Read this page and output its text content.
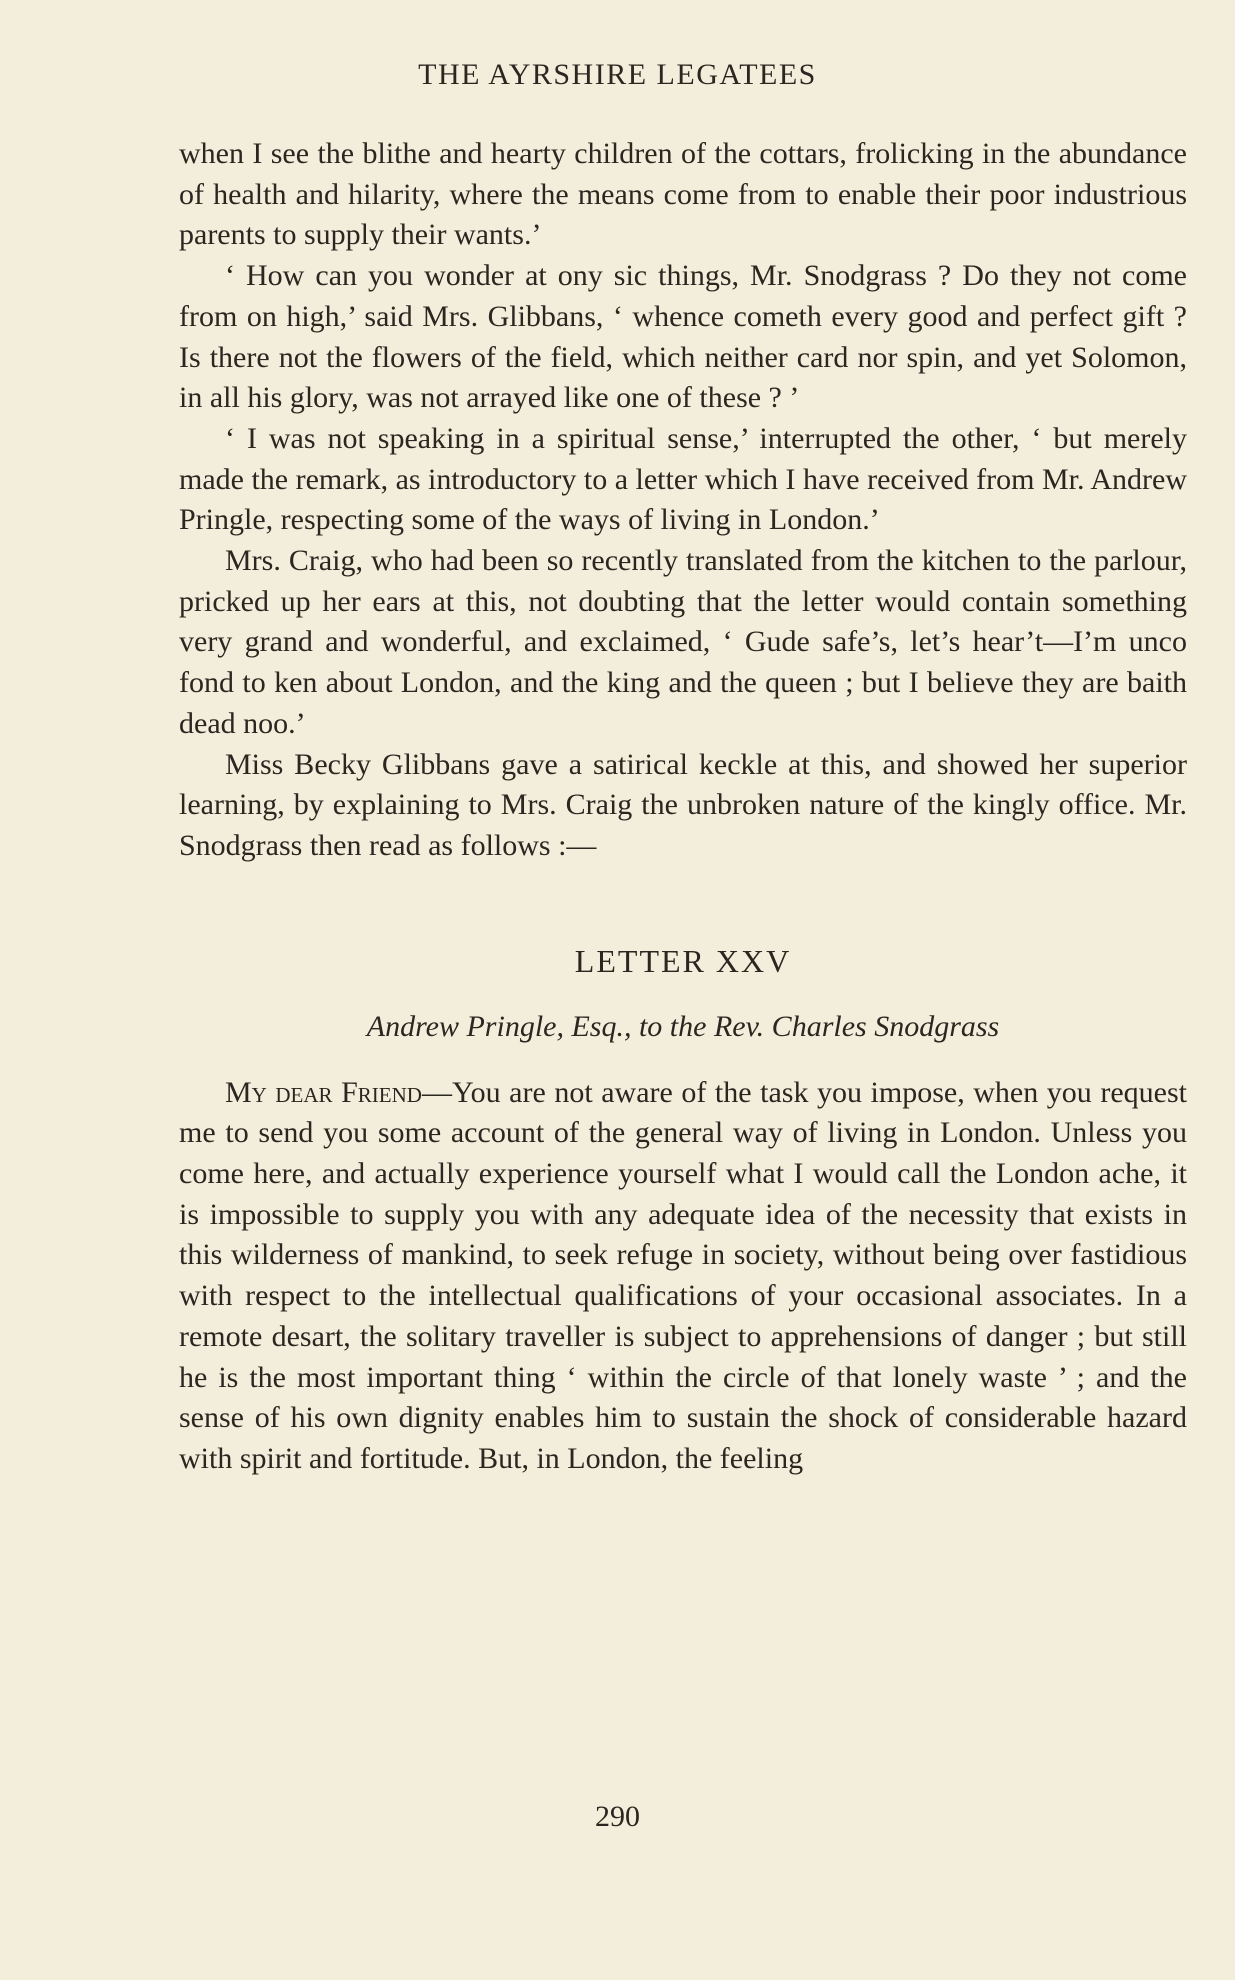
THE AYRSHIRE LEGATEES

when I see the blithe and hearty children of the cottars, frolicking in the abundance of health and hilarity, where the means come from to enable their poor industrious parents to supply their wants.’

‘ How can you wonder at ony sic things, Mr. Snodgrass ? Do they not come from on high,’ said Mrs. Glibbans, ‘ whence cometh every good and perfect gift ? Is there not the flowers of the field, which neither card nor spin, and yet Solomon, in all his glory, was not arrayed like one of these ? ’

‘ I was not speaking in a spiritual sense,’ interrupted the other, ‘ but merely made the remark, as introductory to a letter which I have received from Mr. Andrew Pringle, respecting some of the ways of living in London.’

Mrs. Craig, who had been so recently translated from the kitchen to the parlour, pricked up her ears at this, not doubting that the letter would contain something very grand and wonderful, and exclaimed, ‘ Gude safe’s, let’s hear’t—I’m unco fond to ken about London, and the king and the queen ; but I believe they are baith dead noo.’

Miss Becky Glibbans gave a satirical keckle at this, and showed her superior learning, by explaining to Mrs. Craig the unbroken nature of the kingly office. Mr. Snodgrass then read as follows :—

LETTER XXV

Andrew Pringle, Esq., to the Rev. Charles Snodgrass

My dear Friend—You are not aware of the task you impose, when you request me to send you some account of the general way of living in London. Unless you come here, and actually experience yourself what I would call the London ache, it is impossible to supply you with any adequate idea of the necessity that exists in this wilderness of mankind, to seek refuge in society, without being over fastidious with respect to the intellectual qualifications of your occasional associates. In a remote desart, the solitary traveller is subject to apprehensions of danger ; but still he is the most important thing ‘ within the circle of that lonely waste ’ ; and the sense of his own dignity enables him to sustain the shock of considerable hazard with spirit and fortitude. But, in London, the feeling

290
